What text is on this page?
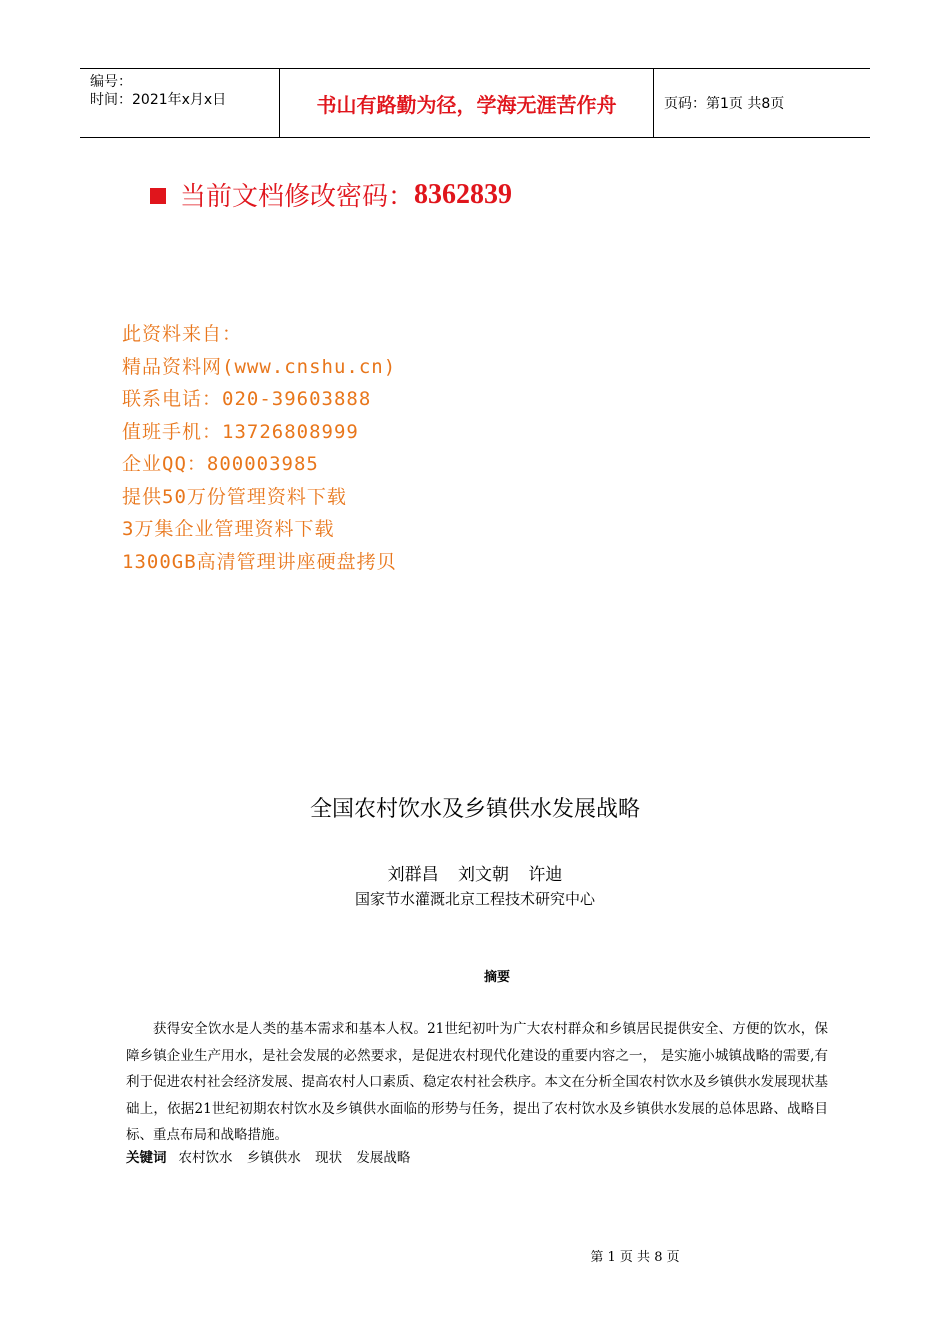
编号：
时间：2021年x月x日	书山有路勤为径，学海无涯苦作舟	页码：第1页 共8页
当前文档修改密码： 8362839
此资料来自：
精品资料网(www.cnshu.cn)
联系电话：020-39603888
值班手机：13726808999
企业QQ：800003985
提供50万份管理资料下载
3万集企业管理资料下载
1300GB高清管理讲座硬盘拷贝
全国农村饮水及乡镇供水发展战略
刘群昌 刘文朝 许迪
国家节水灌溉北京工程技术研究中心
摘要
获得安全饮水是人类的基本需求和基本人权。21世纪初叶为广大农村群众和乡镇居民提供安全、方便的饮水，保障乡镇企业生产用水，是社会发展的必然要求，是促进农村现代化建设的重要内容之一， 是实施小城镇战略的需要,有利于促进农村社会经济发展、提高农村人口素质、稳定农村社会秩序。本文在分析全国农村饮水及乡镇供水发展现状基础上，依据21世纪初期农村饮水及乡镇供水面临的形势与任务，提出了农村饮水及乡镇供水发展的总体思路、战略目标、重点布局和战略措施。
关键词 农村饮水 乡镇供水 现状 发展战略
第 1 页 共 8 页
